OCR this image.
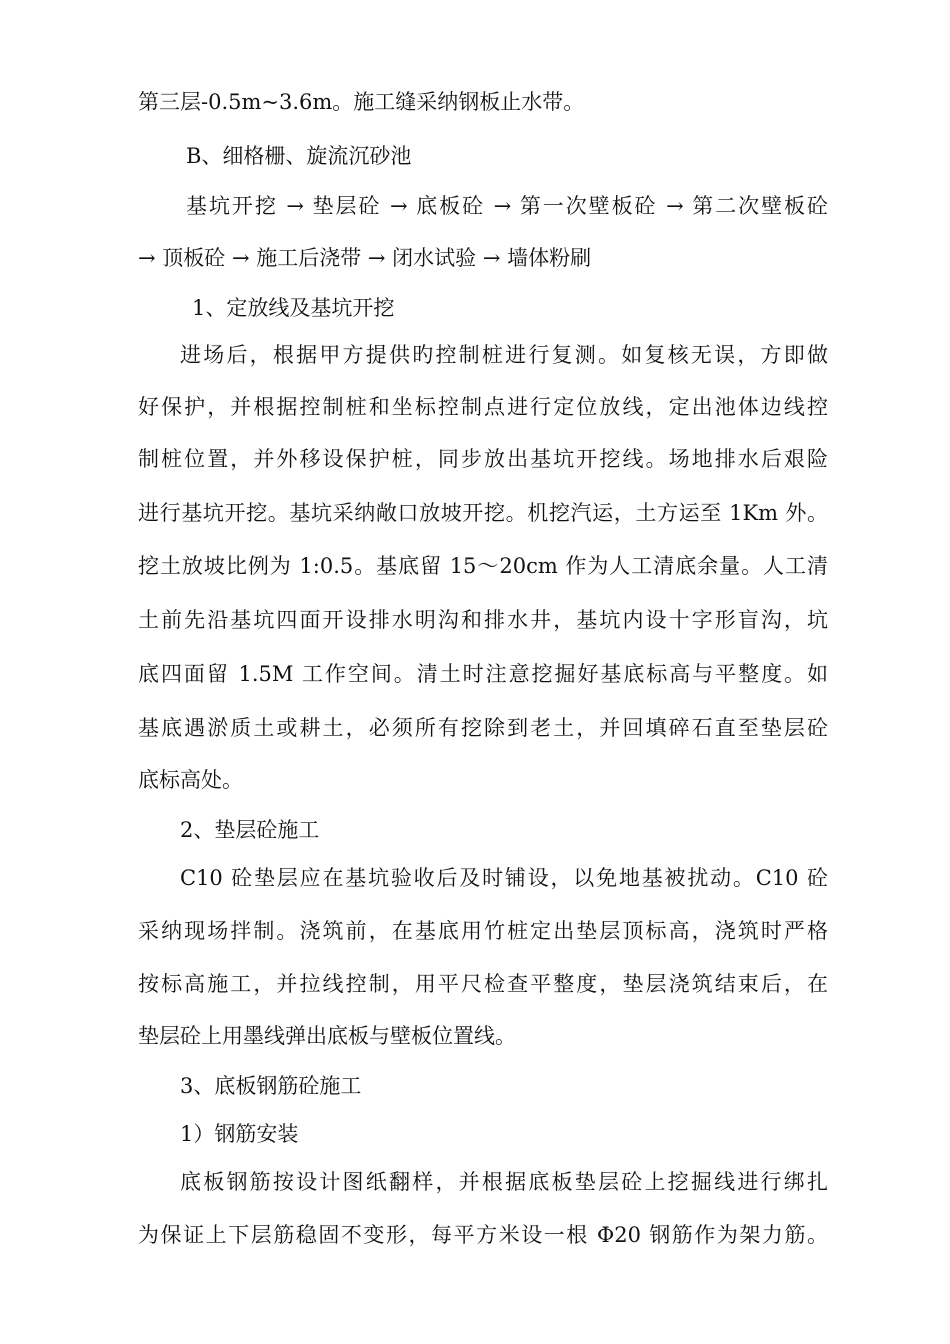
第三层-0.5m~3.6m。施工缝采纳钢板止水带。
B、细格栅、旋流沉砂池
基坑开挖 → 垫层砼 → 底板砼 → 第一次壁板砼 → 第二次壁板砼
→ 顶板砼 → 施工后浇带 → 闭水试验 → 墙体粉刷
1、定放线及基坑开挖
进场后，根据甲方提供旳控制桩进行复测。如复核无误，方即做
好保护，并根据控制桩和坐标控制点进行定位放线，定出池体边线控
制桩位置，并外移设保护桩，同步放出基坑开挖线。场地排水后艰险
进行基坑开挖。基坑采纳敞口放坡开挖。机挖汽运，土方运至 1Km 外。
挖土放坡比例为 1:0.5。基底留 15～20cm 作为人工清底余量。人工清
土前先沿基坑四面开设排水明沟和排水井，基坑内设十字形盲沟，坑
底四面留 1.5M 工作空间。清土时注意挖掘好基底标高与平整度。如
基底遇淤质土或耕土，必须所有挖除到老土，并回填碎石直至垫层砼
底标高处。
2、垫层砼施工
C10 砼垫层应在基坑验收后及时铺设，以免地基被扰动。C10 砼
采纳现场拌制。浇筑前，在基底用竹桩定出垫层顶标高，浇筑时严格
按标高施工，并拉线控制，用平尺检查平整度，垫层浇筑结束后，在
垫层砼上用墨线弹出底板与壁板位置线。
3、底板钢筋砼施工
1）钢筋安装
底板钢筋按设计图纸翻样，并根据底板垫层砼上挖掘线进行绑扎
为保证上下层筋稳固不变形，每平方米设一根 Φ20 钢筋作为架力筋。
